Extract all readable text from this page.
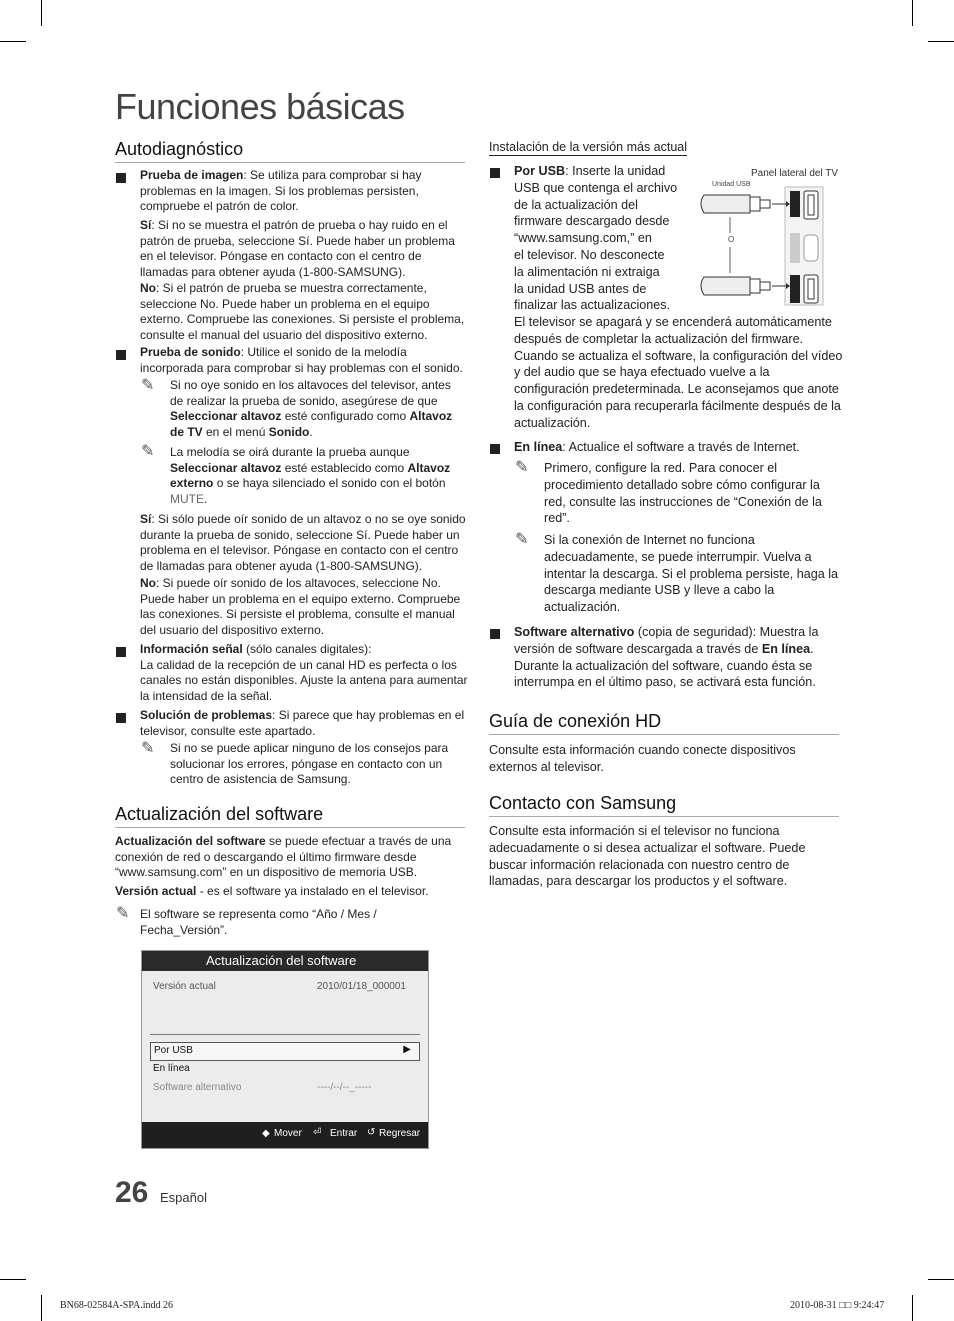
Funciones básicas
Autodiagnóstico
Prueba de imagen: Se utiliza para comprobar si hay problemas en la imagen. Si los problemas persisten, compruebe el patrón de color.
Sí: Si no se muestra el patrón de prueba o hay ruido en el patrón de prueba, seleccione Sí. Puede haber un problema en el televisor. Póngase en contacto con el centro de llamadas para obtener ayuda (1-800-SAMSUNG).
No: Si el patrón de prueba se muestra correctamente, seleccione No. Puede haber un problema en el equipo externo. Compruebe las conexiones. Si persiste el problema, consulte el manual del usuario del dispositivo externo.
Prueba de sonido: Utilice el sonido de la melodía incorporada para comprobar si hay problemas con el sonido.
✎ Si no oye sonido en los altavoces del televisor, antes de realizar la prueba de sonido, asegúrese de que Seleccionar altavoz esté configurado como Altavoz de TV en el menú Sonido.
✎ La melodía se oirá durante la prueba aunque Seleccionar altavoz esté establecido como Altavoz externo o se haya silenciado el sonido con el botón MUTE.
Sí: Si sólo puede oír sonido de un altavoz o no se oye sonido durante la prueba de sonido, seleccione Sí. Puede haber un problema en el televisor. Póngase en contacto con el centro de llamadas para obtener ayuda (1-800-SAMSUNG).
No: Si puede oír sonido de los altavoces, seleccione No. Puede haber un problema en el equipo externo. Compruebe las conexiones. Si persiste el problema, consulte el manual del usuario del dispositivo externo.
Información señal (sólo canales digitales):
La calidad de la recepción de un canal HD es perfecta o los canales no están disponibles. Ajuste la antena para aumentar la intensidad de la señal.
Solución de problemas: Si parece que hay problemas en el televisor, consulte este apartado.
✎ Si no se puede aplicar ninguno de los consejos para solucionar los errores, póngase en contacto con un centro de asistencia de Samsung.
Actualización del software
Actualización del software se puede efectuar a través de una conexión de red o descargando el último firmware desde “www.samsung.com” en un dispositivo de memoria USB.
Versión actual - es el software ya instalado en el televisor.
✎ El software se representa como “Año / Mes / Fecha_Versión”.
Actualización del software
Versión actual	2010/01/18_000001
Por USB	▶
En línea
Software alternativo	----/--/--_-----
◆ Mover ⏎ Entrar ↺ Regresar
26 Español
BN68-02584A-SPA.indd 26	2010-08-31 □□ 9:24:47
Instalación de la versión más actual
Por USB: Inserte la unidad
USB que contenga el archivo
de la actualización del
firmware descargado desde
“www.samsung.com,” en
el televisor. No desconecte
la alimentación ni extraiga
la unidad USB antes de
finalizar las actualizaciones.
El televisor se apagará y se encenderá automáticamente después de completar la actualización del firmware. Cuando se actualiza el software, la configuración del vídeo y del audio que se haya efectuado vuelve a la configuración predeterminada. Le aconsejamos que anote la configuración para recuperarla fácilmente después de la actualización.
Panel lateral del TV
Unidad USB
O
En línea: Actualice el software a través de Internet.
✎ Primero, configure la red. Para conocer el procedimiento detallado sobre cómo configurar la red, consulte las instrucciones de “Conexión de la red”.
✎ Si la conexión de Internet no funciona adecuadamente, se puede interrumpir. Vuelva a intentar la descarga. Si el problema persiste, haga la descarga mediante USB y lleve a cabo la actualización.
Software alternativo (copia de seguridad): Muestra la versión de software descargada a través de En línea. Durante la actualización del software, cuando ésta se interrumpa en el último paso, se activará esta función.
Guía de conexión HD
Consulte esta información cuando conecte dispositivos externos al televisor.
Contacto con Samsung
Consulte esta información si el televisor no funciona adecuadamente o si desea actualizar el software. Puede buscar información relacionada con nuestro centro de llamadas, para descargar los productos y el software.
